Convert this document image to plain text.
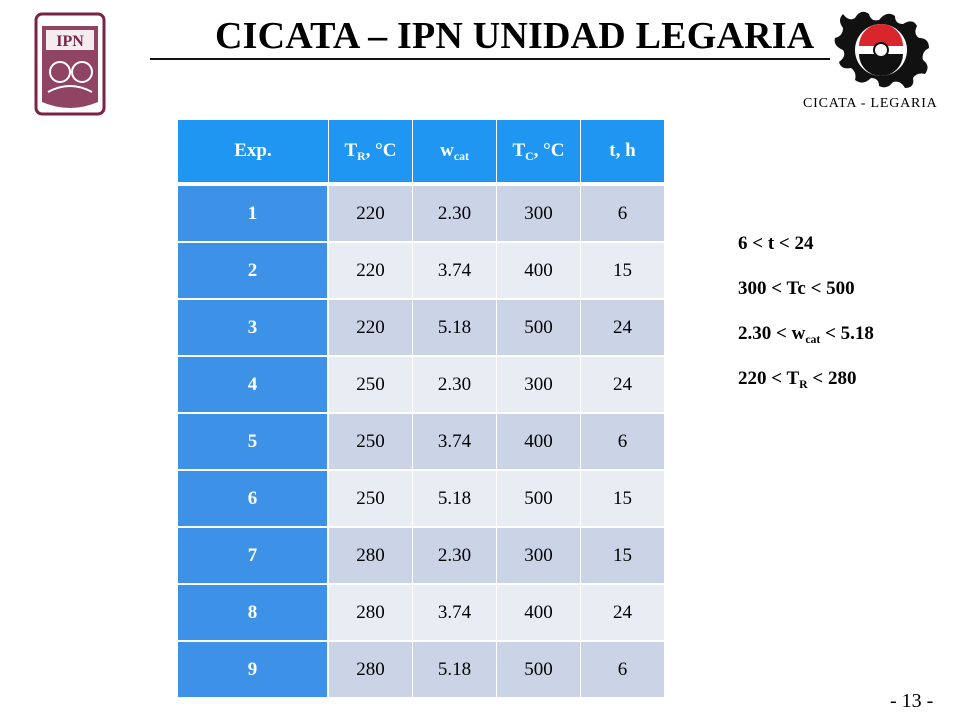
IPN	CICATA – IPN UNIDAD LEGARIA
CICATA - LEGARIA
Exp.	$T_R$, °C	$w_{cat}$	$T_C$, °C	t, h
1	220	2.30	300	6
2	220	3.74	400	15
3	220	5.18	500	24
4	250	2.30	300	24
5	250	3.74	400	6
6	250	5.18	500	15
7	280	2.30	300	15
8	280	3.74	400	24
9	280	5.18	500	6
6 < t < 24
300 < Tc < 500
$2.30 < w_{cat} < 5.18$
$220 < T_R < 280$
- 13 -
